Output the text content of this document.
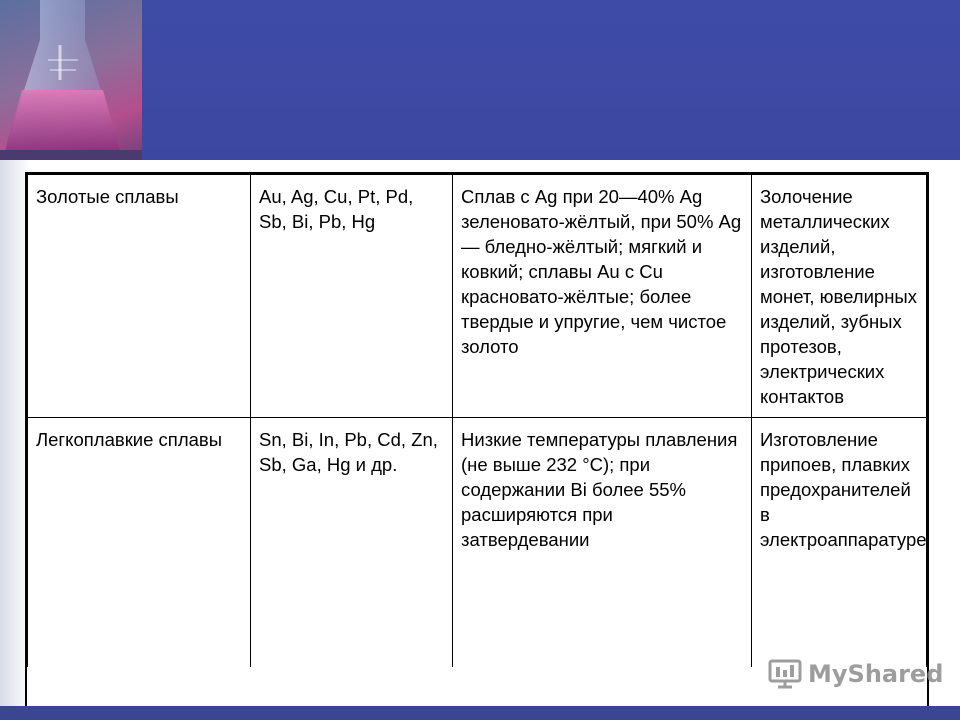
Золотые сплавы	Au, Ag, Cu, Pt, Pd, Sb, Bi, Pb, Hg	Сплав с Ag при 20—40% Ag зеленовато-жёлтый, при 50% Ag — бледно-жёлтый; мягкий и ковкий; сплавы Au с Cu красновато-жёлтые; более твердые и упругие, чем чистое золото	Золочение металлических изделий, изготовление монет, ювелирных изделий, зубных протезов, электрических контактов
Легкоплавкие сплавы	Sn, Bi, In, Pb, Cd, Zn, Sb, Ga, Hg и др.	Низкие температуры плавления (не выше 232 °C); при содержании Bi более 55% расширяются при затвердевании	Изготовление припоев, плавких предохранителей в электроаппаратуре
MyShared
